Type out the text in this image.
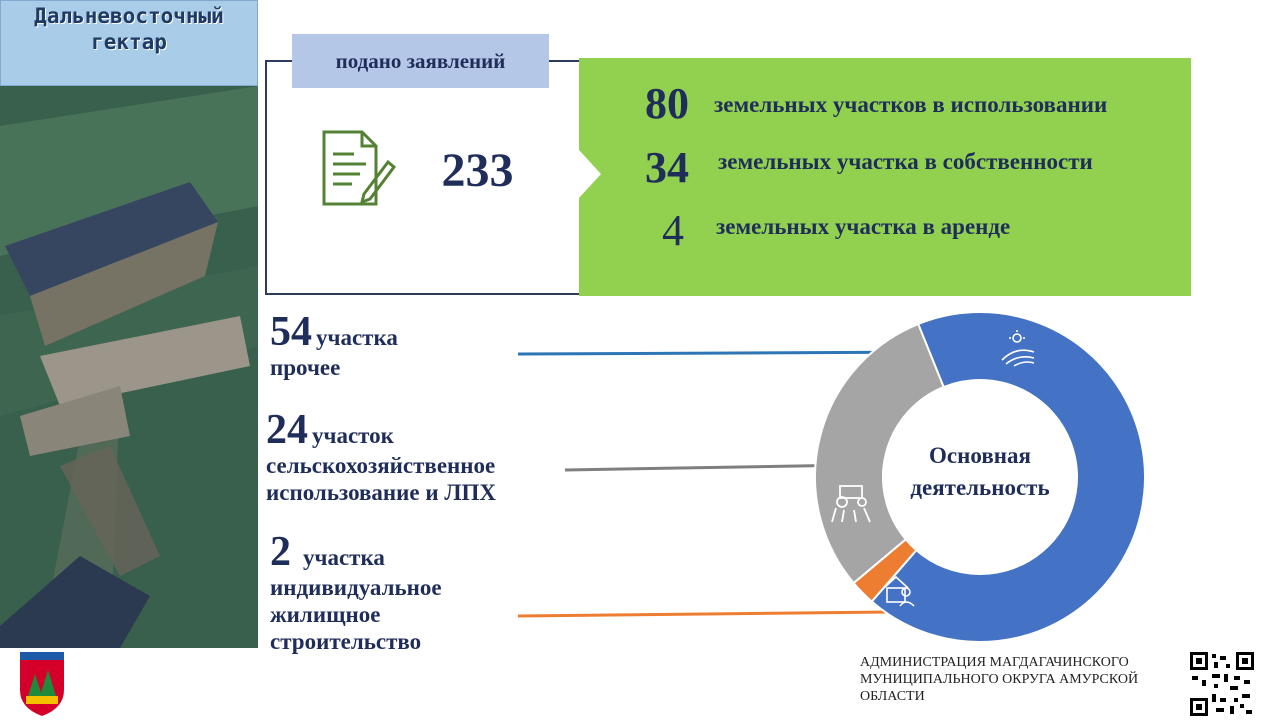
Дальневосточный гектар
подано заявлений
233
80	земельных участков в использовании
34	земельных участка в собственности
4	земельных участка в аренде
54 участка
прочее
24 участок

сельскохозяйственное использование и ЛПХ
2 участка

индивидуальное жилищное строительство
Основная деятельность
АДМИНИСТРАЦИЯ МАГДАГАЧИНСКОГО МУНИЦИПАЛЬНОГО ОКРУГА АМУРСКОЙ ОБЛАСТИ
